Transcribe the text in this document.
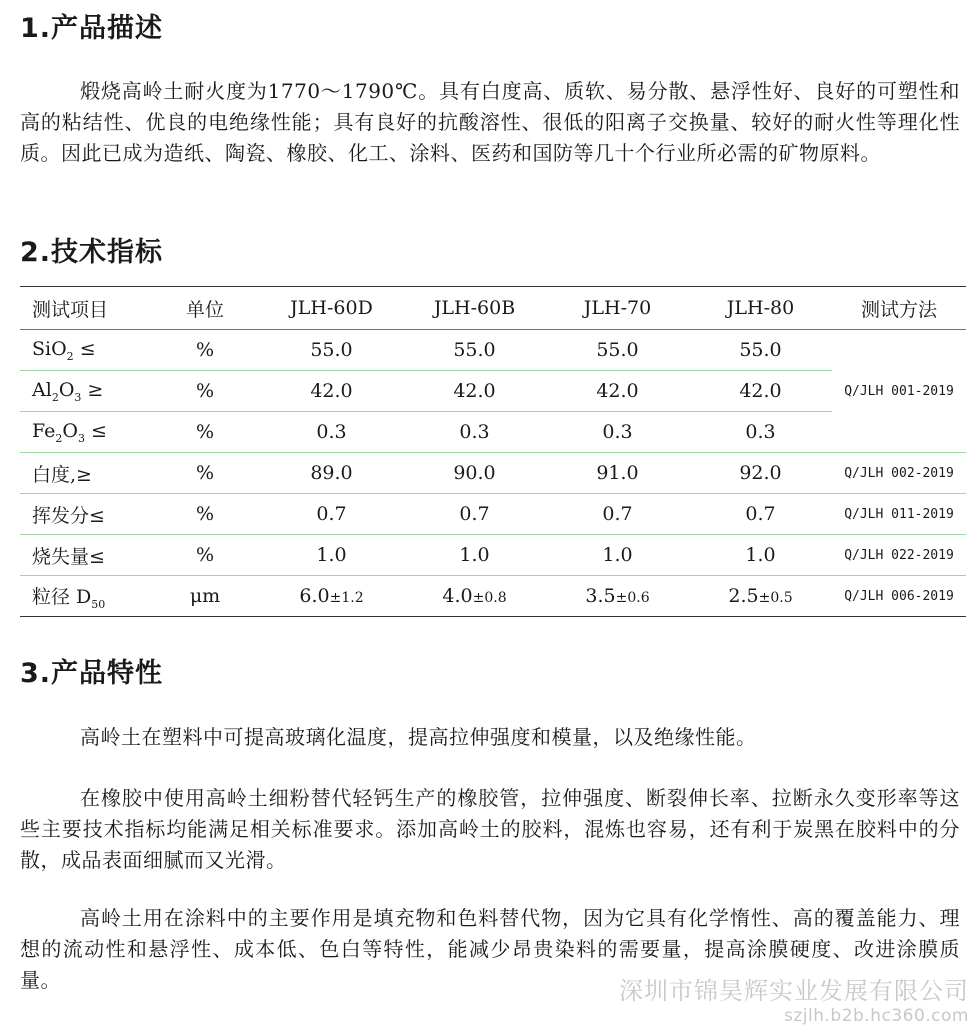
1.产品描述

煅烧高岭土耐火度为1770～1790℃。具有白度高、质软、易分散、悬浮性好、良好的可塑性和高的粘结性、优良的电绝缘性能；具有良好的抗酸溶性、很低的阳离子交换量、较好的耐火性等理化性质。因此已成为造纸、陶瓷、橡胶、化工、涂料、医药和国防等几十个行业所必需的矿物原料。

2.技术指标
测试项目	单位	JLH-60D	JLH-60B	JLH-70	JLH-80	测试方法
SiO$_2$ ≤	%	55.0	55.0	55.0	55.0	Q/JLH 001-2019
$Al_2O_3$ ≥	%	42.0	42.0	42.0	42.0	
$Fe_2O_3$ ≤	%	0.3	0.3	0.3	0.3	
白度,≥	%	89.0	90.0	91.0	92.0	Q/JLH 002-2019
挥发分≤	%	0.7	0.7	0.7	0.7	Q/JLH 011-2019
烧失量≤	%	1.0	1.0	1.0	1.0	Q/JLH 022-2019
粒径 $D_{50}$	μm	6.0±1.2	4.0±0.8	3.5±0.6	2.5±0.5	Q/JLH 006-2019
3.产品特性

高岭土在塑料中可提高玻璃化温度，提高拉伸强度和模量，以及绝缘性能。

在橡胶中使用高岭土细粉替代轻钙生产的橡胶管，拉伸强度、断裂伸长率、拉断永久变形率等这些主要技术指标均能满足相关标准要求。添加高岭土的胶料，混炼也容易，还有利于炭黑在胶料中的分散，成品表面细腻而又光滑。

高岭土用在涂料中的主要作用是填充物和色料替代物，因为它具有化学惰性、高的覆盖能力、理想的流动性和悬浮性、成本低、色白等特性，能减少昂贵染料的需要量，提高涂膜硬度、改进涂膜质量。	深圳市锦昊辉实业发展有限公司
szjlh.b2b.hc360.com
